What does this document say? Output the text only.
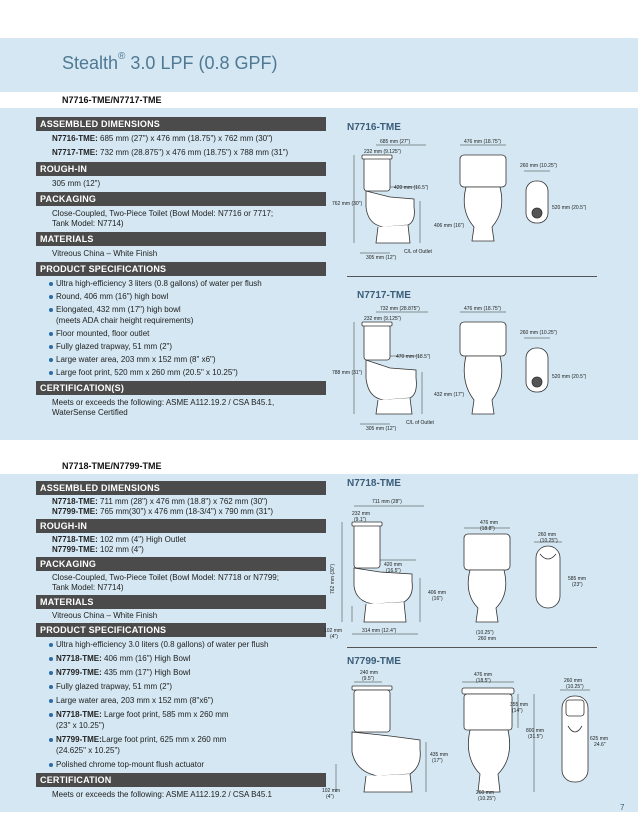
Stealth® 3.0 LPF (0.8 GPF)
N7716-TME/N7717-TME
ASSEMBLED DIMENSIONS
N7716-TME: 685 mm (27") x 476 mm (18.75") x 762 mm (30")
N7717-TME: 732 mm (28.875") x 476 mm (18.75") x 788 mm (31")
ROUGH-IN
305 mm (12")
PACKAGING
Close-Coupled, Two-Piece Toilet (Bowl Model: N7716 or 7717;
Tank Model: N7714)
MATERIALS
Vitreous China – White Finish
PRODUCT SPECIFICATIONS
Ultra high-efficiency 3 liters (0.8 gallons) of water per flush
Round, 406 mm (16") high bowl
Elongated, 432 mm (17") high bowl
(meets ADA chair height requirements)
Floor mounted, floor outlet
Fully glazed trapway, 51 mm (2")
Large water area, 203 mm x 152 mm (8" x6")
Large foot print, 520 mm x 260 mm (20.5" x 10.25")
CERTIFICATION(S)
Meets or exceeds the following: ASME A112.19.2 / CSA B45.1,
WaterSense Certified
N7716-TME
685 mm (27")
232 mm (9.125")
420 mm (16.5")
762 mm (30")
406 mm (16")
305 mm (12")
C/L of Outlet
476 mm (18.75")
260 mm (10.25")
520 mm (20.5")
N7717-TME
732 mm (28.875")
232 mm (9.125")
470 mm (18.5")
788 mm (31")
432 mm (17")
305 mm (12")
C/L of Outlet
476 mm (18.75")
260 mm (10.25")
520 mm (20.5")
N7718-TME/N7799-TME
ASSEMBLED DIMENSIONS
N7718-TME: 711 mm (28") x 476 mm (18.8") x 762 mm (30")
N7799-TME: 765 mm(30") x 476 mm (18-3/4") x 790 mm (31")
ROUGH-IN
N7718-TME: 102 mm (4") High Outlet
N7799-TME: 102 mm (4")
PACKAGING
Close-Coupled, Two-Piece Toilet (Bowl Model: N7718 or N7799;
Tank Model: N7714)
MATERIALS
Vitreous China – White Finish
PRODUCT SPECIFICATIONS
Ultra high-efficiency 3.0 liters (0.8 gallons) of water per flush
N7718-TME: 406 mm (16") High Bowl
N7799-TME: 435 mm (17") High Bowl
Fully glazed trapway, 51 mm (2")
Large water area, 203 mm x 152 mm (8"x6")
N7718-TME: Large foot print, 585 mm x 260 mm
(23" x 10.25")
N7799-TME:Large foot print, 625 mm x 260 mm
(24.625" x 10.25")
Polished chrome top-mount flush actuator
CERTIFICATION
Meets or exceeds the following: ASME A112.19.2 / CSA B45.1
N7718-TME
711 mm (28")
232 mm
(9.1")
420 mm
(16.5")
762 mm (30")	406 mm
(16")
102 mm
(4")
314 mm (12.4")
476 mm
(18.8")
(10.25")
260 mm
260 mm
(10.25")
585 mm
(23")
N7799-TME
240 mm
(9.5")
435 mm
(17")
102 mm
(4")
476 mm
(18.5")
355 mm
(14")
800 mm
(31.5")
260 mm
(10.25")
260 mm
(10.25")
625 mm
24.6"
7
